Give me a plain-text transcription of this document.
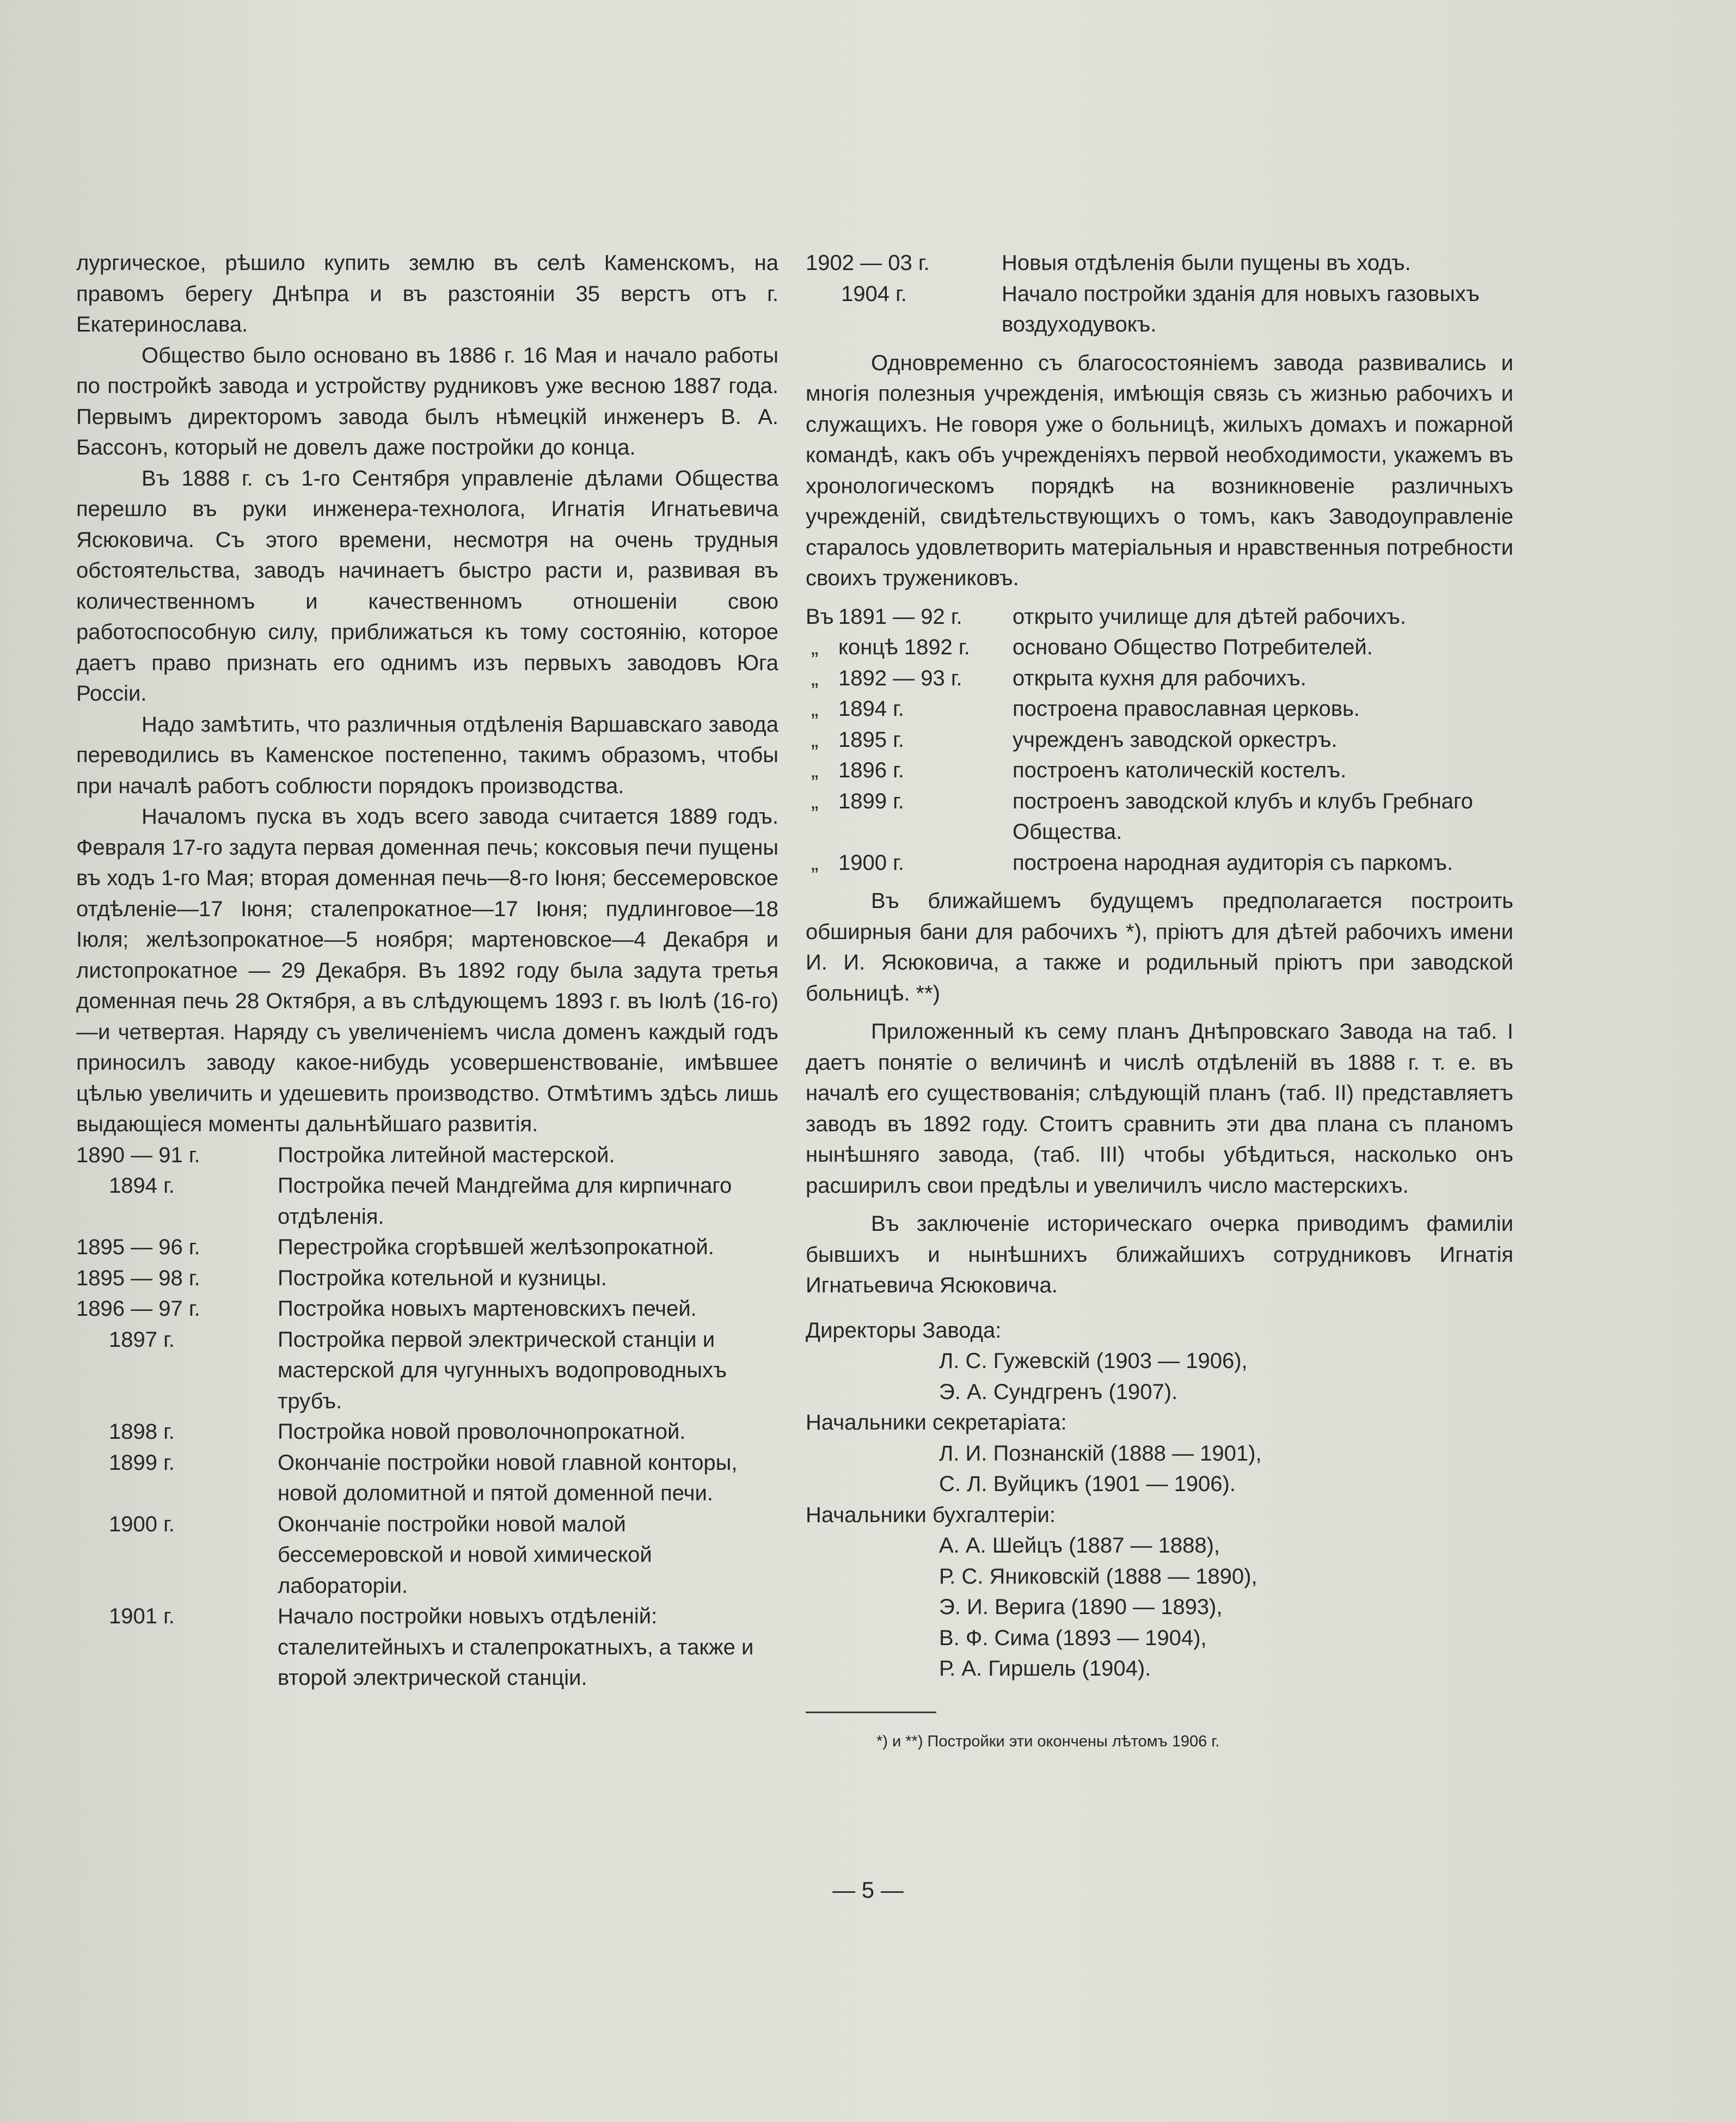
лургическое, рѣшило купить землю въ селѣ Каменскомъ, на правомъ берегу Днѣпра и въ разстояніи 35 верстъ отъ г. Екатеринослава.

Общество было основано въ 1886 г. 16 Мая и начало работы по постройкѣ завода и устройству рудниковъ уже весною 1887 года. Первымъ директоромъ завода былъ нѣмецкій инженеръ В. А. Бассонъ, который не довелъ даже постройки до конца.

Въ 1888 г. съ 1-го Сентября управленіе дѣлами Общества перешло въ руки инженера-технолога, Игнатія Игнатьевича Ясюковича. Съ этого времени, несмотря на очень трудныя обстоятельства, заводъ начинаетъ быстро расти и, развивая въ количественномъ и качественномъ отношеніи свою работоспособную силу, приближаться къ тому состоянію, которое даетъ право признать его однимъ изъ первыхъ заводовъ Юга Россіи.

Надо замѣтить, что различныя отдѣленія Варшавскаго завода переводились въ Каменское постепенно, такимъ образомъ, чтобы при началѣ работъ соблюсти порядокъ производства.

Началомъ пуска въ ходъ всего завода считается 1889 годъ. Февраля 17-го задута первая доменная печь; коксовыя печи пущены въ ходъ 1-го Мая; вторая доменная печь—8-го Іюня; бессемеровское отдѣленіе—17 Іюня; сталепрокатное—17 Іюня; пудлинговое—18 Іюля; желѣзопрокатное—5 ноября; мартеновское—4 Декабря и листопрокатное — 29 Декабря. Въ 1892 году была задута третья доменная печь 28 Октября, а въ слѣдующемъ 1893 г. въ Іюлѣ (16-го)—и четвертая. Наряду съ увеличеніемъ числа доменъ каждый годъ приносилъ заводу какое-нибудь усовершенствованіе, имѣвшее цѣлью увеличить и удешевить производство. Отмѣтимъ здѣсь лишь выдающіеся моменты дальнѣйшаго развитія.

1890 — 91 г.	Постройка литейной мастерской.
1894 г.	Постройка печей Мандгейма для кирпичнаго отдѣленія.
1895 — 96 г.	Перестройка сгорѣвшей желѣзопрокатной.
1895 — 98 г.	Постройка котельной и кузницы.
1896 — 97 г.	Постройка новыхъ мартеновскихъ печей.
1897 г.	Постройка первой электрической станціи и мастерской для чугунныхъ водопроводныхъ трубъ.
1898 г.	Постройка новой проволочнопрокатной.
1899 г.	Окончаніе постройки новой главной конторы, новой доломитной и пятой доменной печи.
1900 г.	Окончаніе постройки новой малой бессемеровской и новой химической лабораторіи.
1901 г.	Начало постройки новыхъ отдѣленій: сталелитейныхъ и сталепрокатныхъ, а также и второй электрической станціи.
1902 — 03 г.	Новыя отдѣленія были пущены въ ходъ.
1904 г.	Начало постройки зданія для новыхъ газовыхъ воздуходувокъ.

Одновременно съ благосостояніемъ завода развивались и многія полезныя учрежденія, имѣющія связь съ жизнью рабочихъ и служащихъ. Не говоря уже о больницѣ, жилыхъ домахъ и пожарной командѣ, какъ объ учрежденіяхъ первой необходимости, укажемъ въ хронологическомъ порядкѣ на возникновеніе различныхъ учрежденій, свидѣтельствующихъ о томъ, какъ Заводоуправленіе старалось удовлетворить матеріальныя и нравственныя потребности своихъ тружениковъ.

Въ 1891 — 92 г.	открыто училище для дѣтей рабочихъ.
„ концѣ 1892 г.	основано Общество Потребителей.
„ 1892 — 93 г.	открыта кухня для рабочихъ.
„ 1894 г.	построена православная церковь.
„ 1895 г.	учрежденъ заводской оркестръ.
„ 1896 г.	построенъ католическій костелъ.
„ 1899 г.	построенъ заводской клубъ и клубъ Гребнаго Общества.
„ 1900 г.	построена народная аудиторія съ паркомъ.

Въ ближайшемъ будущемъ предполагается построить обширныя бани для рабочихъ *), пріютъ для дѣтей рабочихъ имени И. И. Ясюковича, а также и родильный пріютъ при заводской больницѣ. **)

Приложенный къ сему планъ Днѣпровскаго Завода на таб. I даетъ понятіе о величинѣ и числѣ отдѣленій въ 1888 г. т. е. въ началѣ его существованія; слѣдующій планъ (таб. II) представляетъ заводъ въ 1892 году. Стоитъ сравнить эти два плана съ планомъ нынѣшняго завода, (таб. III) чтобы убѣдиться, насколько онъ расширилъ свои предѣлы и увеличилъ число мастерскихъ.

Въ заключеніе историческаго очерка приводимъ фамиліи бывшихъ и нынѣшнихъ ближайшихъ сотрудниковъ Игнатія Игнатьевича Ясюковича.

Директоры Завода:
Л. С. Гужевскій (1903 — 1906),
Э. А. Сундгренъ (1907).
Начальники секретаріата:
Л. И. Познанскій (1888 — 1901),
С. Л. Вуйцикъ (1901 — 1906).
Начальники бухгалтеріи:
А. А. Шейцъ (1887 — 1888),
Р. С. Яниковскій (1888 — 1890),
Э. И. Верига (1890 — 1893),
В. Ф. Сима (1893 — 1904),
Р. А. Гиршель (1904).
*) и **) Постройки эти окончены лѣтомъ 1906 г.
— 5 —
